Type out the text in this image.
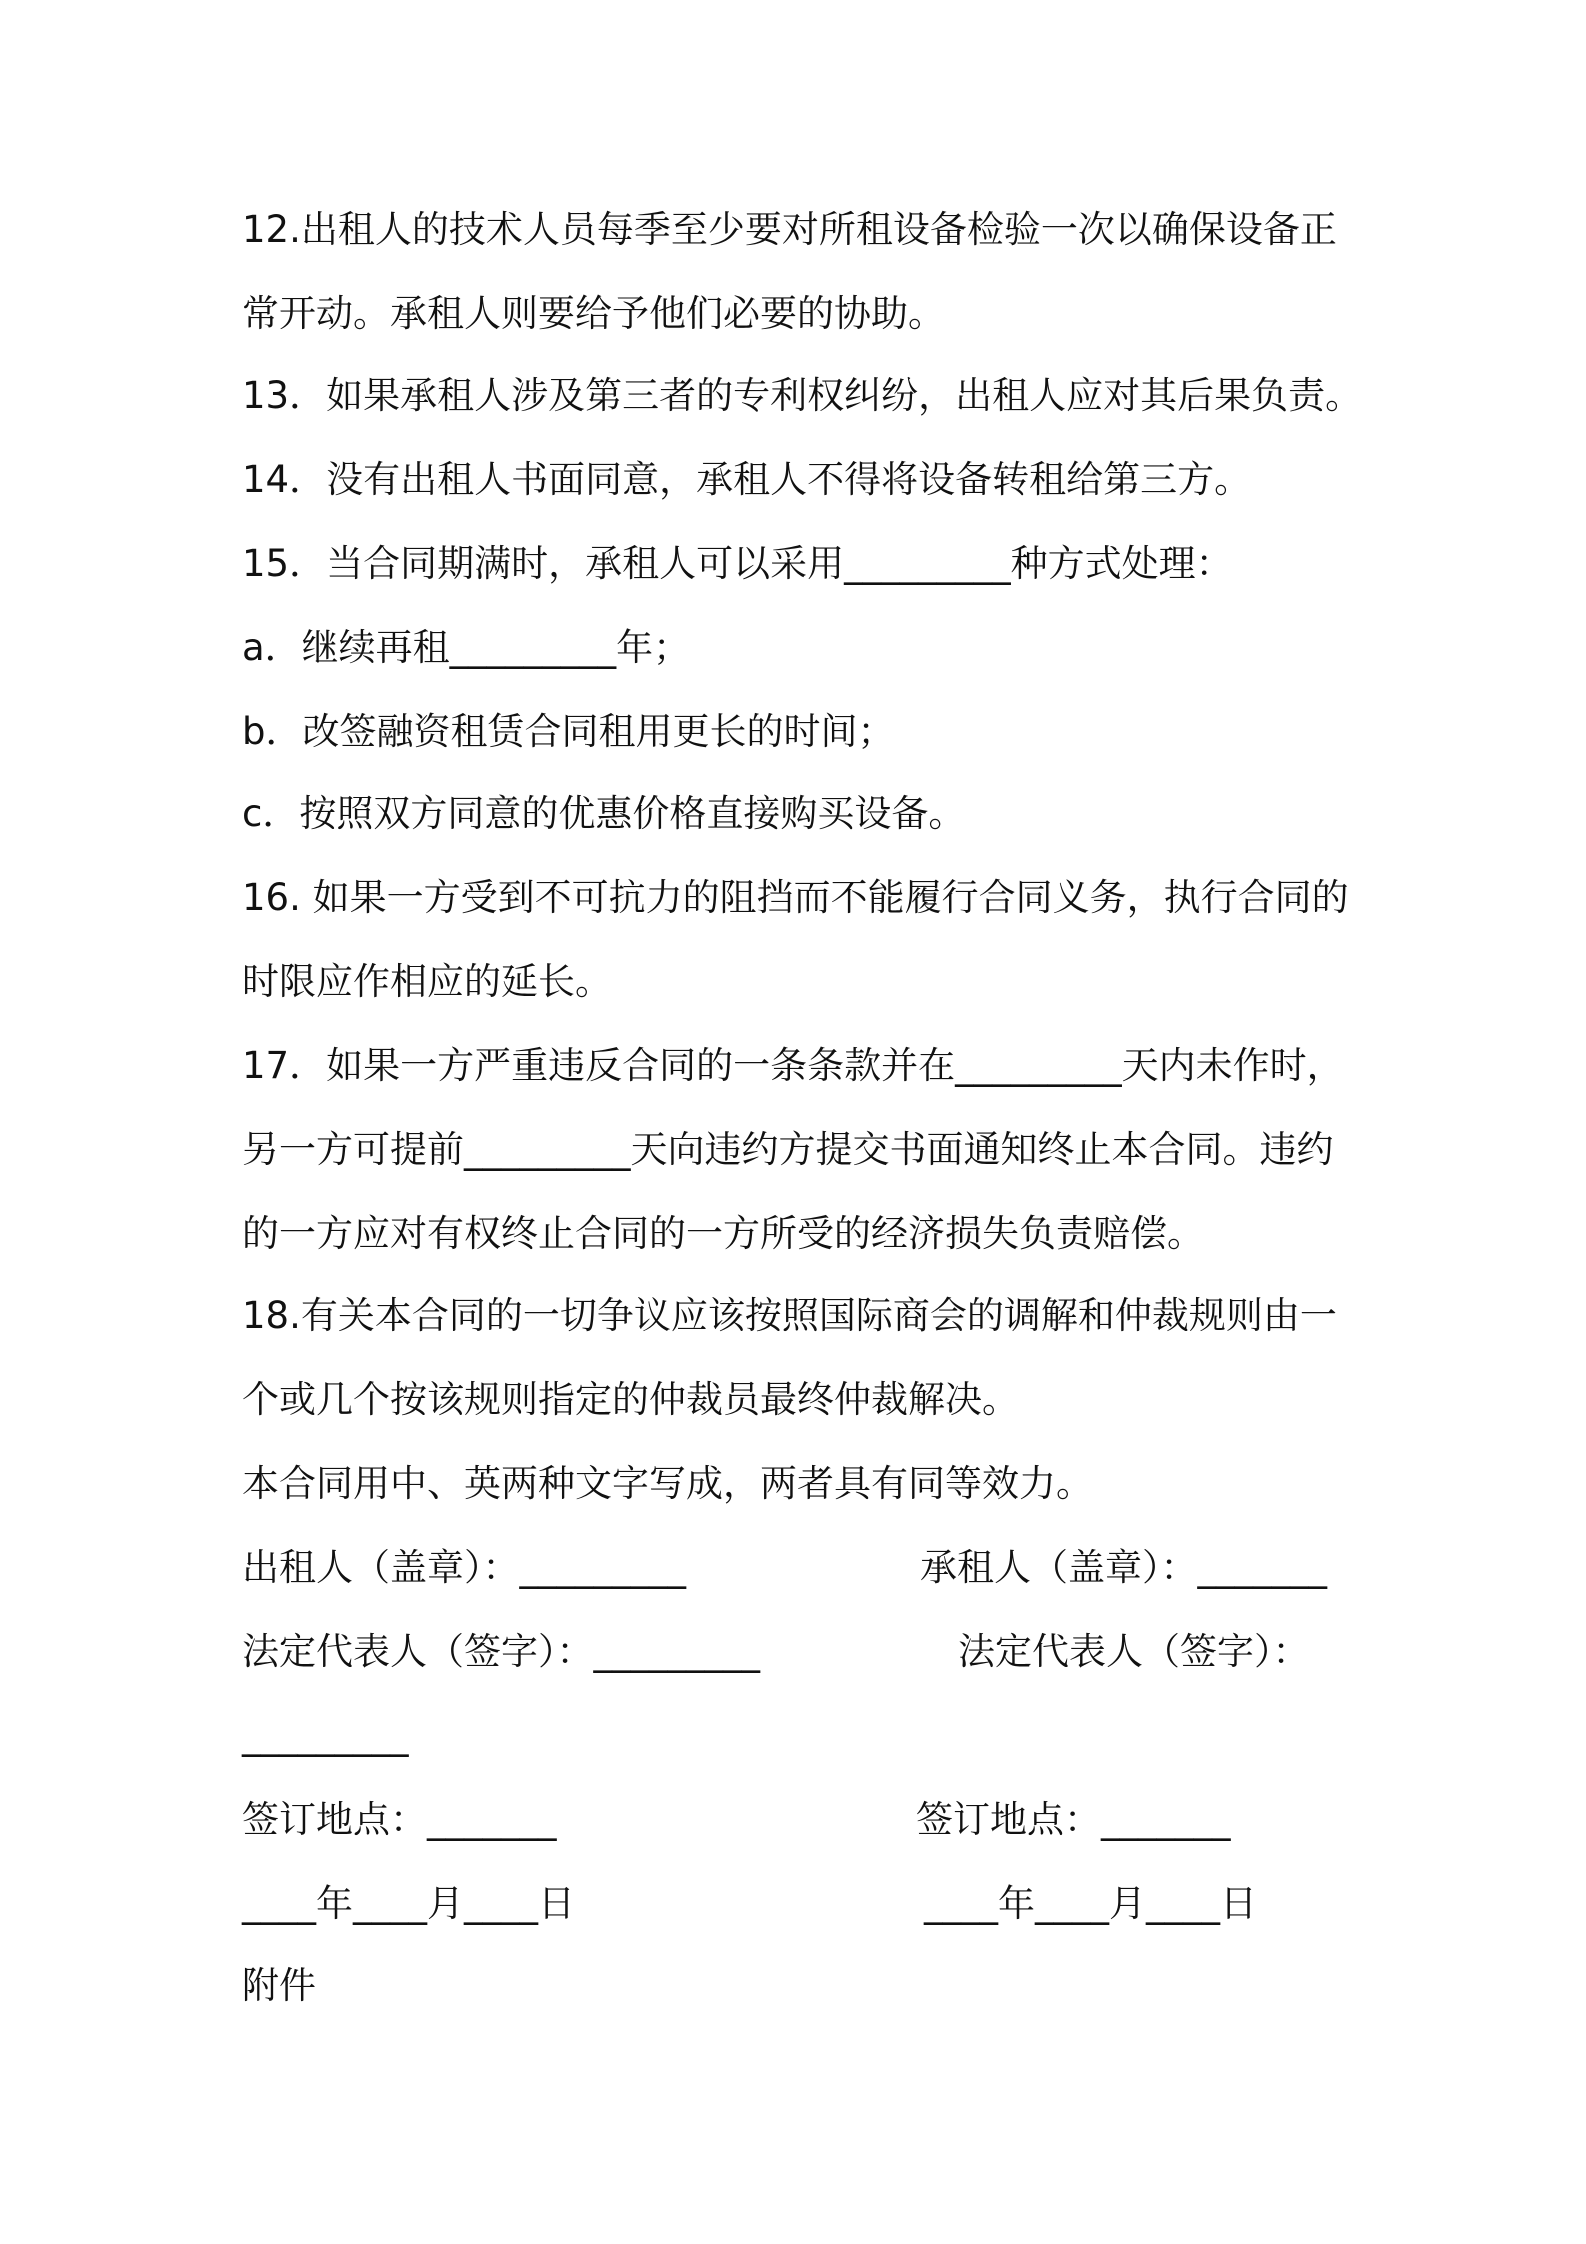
12.出租人的技术人员每季至少要对所租设备检验一次以确保设备正
常开动。承租人则要给予他们必要的协助。
13．如果承租人涉及第三者的专利权纠纷，出租人应对其后果负责。
14．没有出租人书面同意，承租人不得将设备转租给第三方。
15．当合同期满时，承租人可以采用_________种方式处理：
a．继续再租_________年；
b．改签融资租赁合同租用更长的时间；
c．按照双方同意的优惠价格直接购买设备。
16. 如果一方受到不可抗力的阻挡而不能履行合同义务，执行合同的
时限应作相应的延长。
17．如果一方严重违反合同的一条条款并在_________天内未作时，
另一方可提前_________天向违约方提交书面通知终止本合同。违约
的一方应对有权终止合同的一方所受的经济损失负责赔偿。
18.有关本合同的一切争议应该按照国际商会的调解和仲裁规则由一
个或几个按该规则指定的仲裁员最终仲裁解决。
本合同用中、英两种文字写成，两者具有同等效力。
出租人（盖章）：_________	承租人（盖章）：_______
法定代表人（签字）：_________	法定代表人（签字）：
_________
签订地点：_______	签订地点：_______
____年____月____日	____年____月____日
附件
